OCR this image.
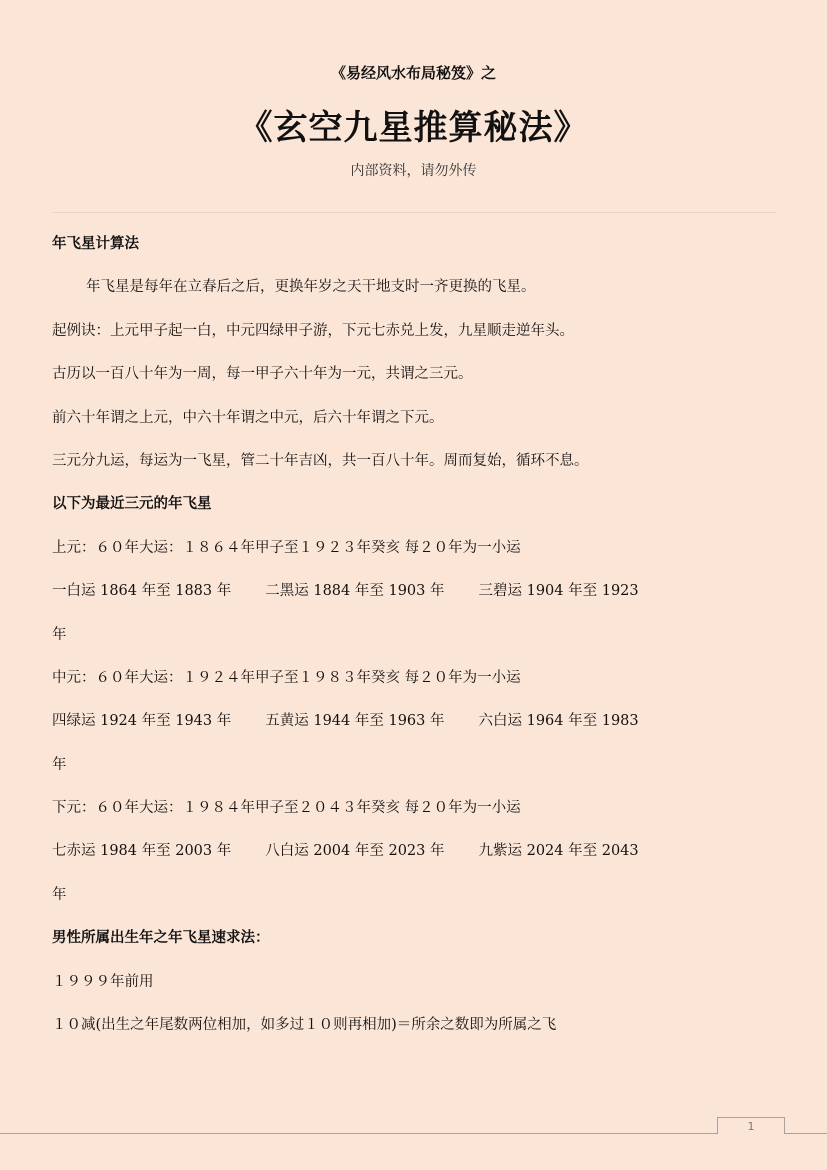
《易经风水布局秘笈》之
《玄空九星推算秘法》
内部资料，请勿外传
年飞星计算法
年飞星是每年在立春后之后，更换年岁之天干地支时一齐更换的飞星。
起例诀：上元甲子起一白，中元四绿甲子游，下元七赤兑上发，九星顺走逆年头。
古历以一百八十年为一周，每一甲子六十年为一元，共谓之三元。
前六十年谓之上元，中六十年谓之中元，后六十年谓之下元。
三元分九运，每运为一飞星，管二十年吉凶，共一百八十年。周而复始，循环不息。
以下为最近三元的年飞星
上元：６０年大运：１８６４年甲子至１９２３年癸亥 每２０年为一小运
一白运 1864 年至 1883 年 二黑运 1884 年至 1903 年 三碧运 1904 年至 1923
年
中元：６０年大运：１９２４年甲子至１９８３年癸亥 每２０年为一小运
四绿运 1924 年至 1943 年 五黄运 1944 年至 1963 年 六白运 1964 年至 1983
年
下元：６０年大运：１９８４年甲子至２０４３年癸亥 每２０年为一小运
七赤运 1984 年至 2003 年 八白运 2004 年至 2023 年 九紫运 2024 年至 2043
年
男性所属出生年之年飞星速求法：
１９９９年前用
１０减(出生之年尾数两位相加，如多过１０则再相加)＝所余之数即为所属之飞
1
